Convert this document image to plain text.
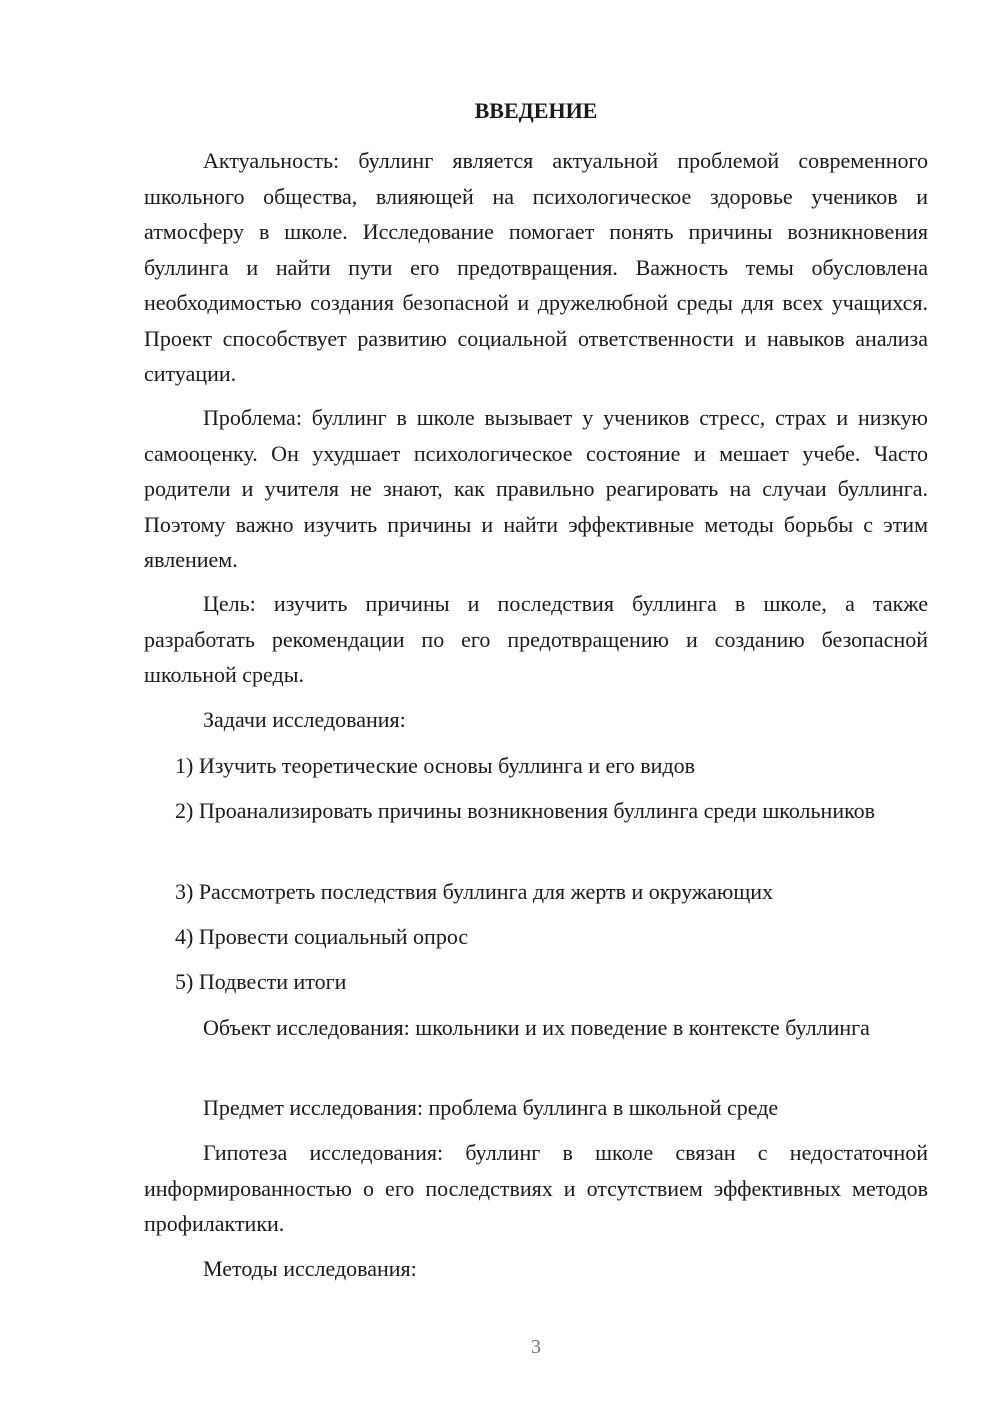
ВВЕДЕНИЕ

Актуальность: буллинг является актуальной проблемой современного школьного общества, влияющей на психологическое здоровье учеников и атмосферу в школе. Исследование помогает понять причины возникновения буллинга и найти пути его предотвращения. Важность темы обусловлена необходимостью создания безопасной и дружелюбной среды для всех учащихся. Проект способствует развитию социальной ответственности и навыков анализа ситуации.

Проблема: буллинг в школе вызывает у учеников стресс, страх и низкую самооценку. Он ухудшает психологическое состояние и мешает учебе. Часто родители и учителя не знают, как правильно реагировать на случаи буллинга. Поэтому важно изучить причины и найти эффективные методы борьбы с этим явлением.

Цель: изучить причины и последствия буллинга в школе, а также разработать рекомендации по его предотвращению и созданию безопасной школьной среды.

Задачи исследования:

1) Изучить теоретические основы буллинга и его видов

2) Проанализировать причины возникновения буллинга среди школьников

3) Рассмотреть последствия буллинга для жертв и окружающих

4) Провести социальный опрос

5) Подвести итоги

Объект исследования: школьники и их поведение в контексте буллинга

Предмет исследования: проблема буллинга в школьной среде

Гипотеза исследования: буллинг в школе связан с недостаточной информированностью о его последствиях и отсутствием эффективных методов профилактики.

Методы исследования:

3
